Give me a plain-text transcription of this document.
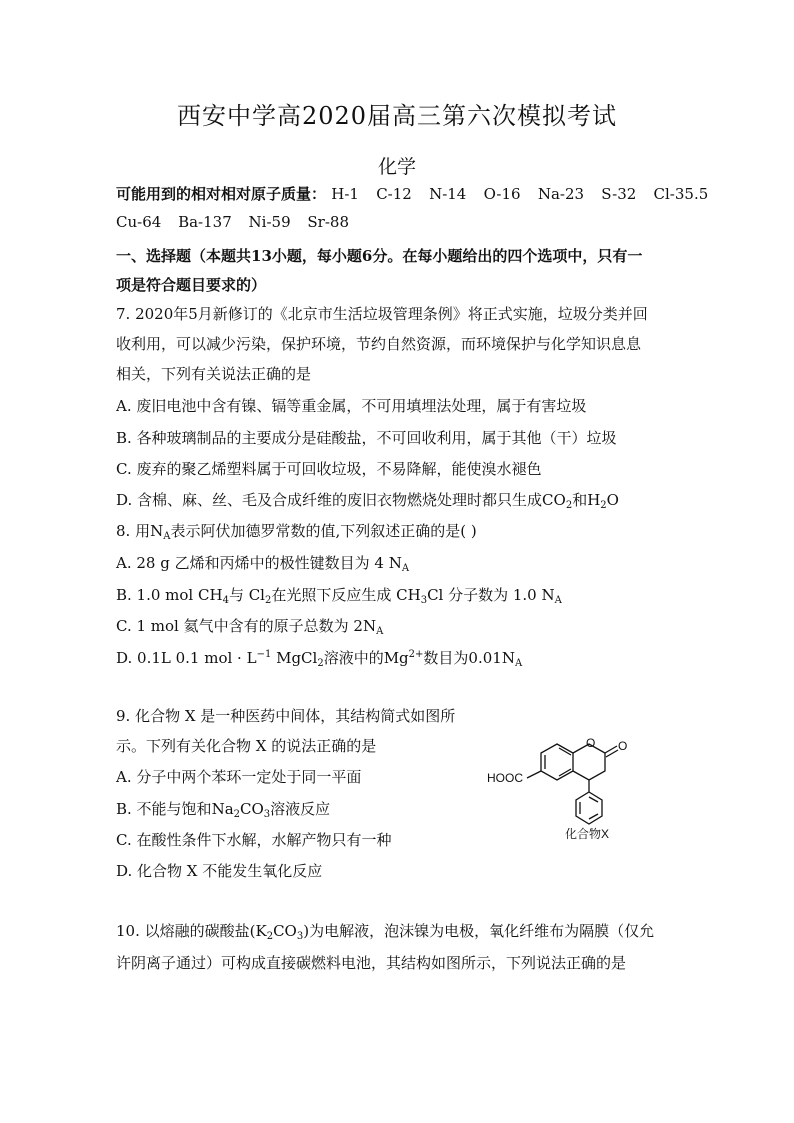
西安中学高2020届高三第六次模拟考试
化学
可能用到的相对相对原子质量： H-1 C-12 N-14 O-16 Na-23 S-32 Cl-35.5
Cu-64 Ba-137 Ni-59 Sr-88
一、选择题（本题共13小题，每小题6分。在每小题给出的四个选项中，只有一
项是符合题目要求的）
7. 2020年5月新修订的《北京市生活垃圾管理条例》将正式实施，垃圾分类并回
收利用，可以减少污染，保护环境，节约自然资源，而环境保护与化学知识息息
相关，下列有关说法正确的是
A. 废旧电池中含有镍、镉等重金属，不可用填埋法处理，属于有害垃圾
B. 各种玻璃制品的主要成分是硅酸盐，不可回收利用，属于其他（干）垃圾
C. 废弃的聚乙烯塑料属于可回收垃圾，不易降解，能使溴水褪色
D. 含棉、麻、丝、毛及合成纤维的废旧衣物燃烧处理时都只生成$CO_2$和$H_2O$
8. 用$N_A$表示阿伏加德罗常数的值,下列叙述正确的是( )
A. 28 g 乙烯和丙烯中的极性键数目为 4 $N_A$
B. 1.0 mol $CH_4$与 $Cl_2$在光照下反应生成 $CH_3Cl$ 分子数为 1.0 $N_A$
C. 1 mol 氦气中含有的原子总数为 $2N_A$
D. 0.1L 0.1 mol · $L^{-1}$ MgCl$_2$溶液中的$Mg^{2+}$数目为$0.01N_A$
9. 化合物 X 是一种医药中间体，其结构简式如图所
示。下列有关化合物 X 的说法正确的是
A. 分子中两个苯环一定处于同一平面
B. 不能与饱和$Na_2CO_3$溶液反应
C. 在酸性条件下水解，水解产物只有一种
D. 化合物 X 不能发生氧化反应
O O
HOOC
化合物X
10. 以熔融的碳酸盐$(K_2CO_3)$为电解液，泡沫镍为电极，氧化纤维布为隔膜（仅允
许阴离子通过）可构成直接碳燃料电池，其结构如图所示，下列说法正确的是
